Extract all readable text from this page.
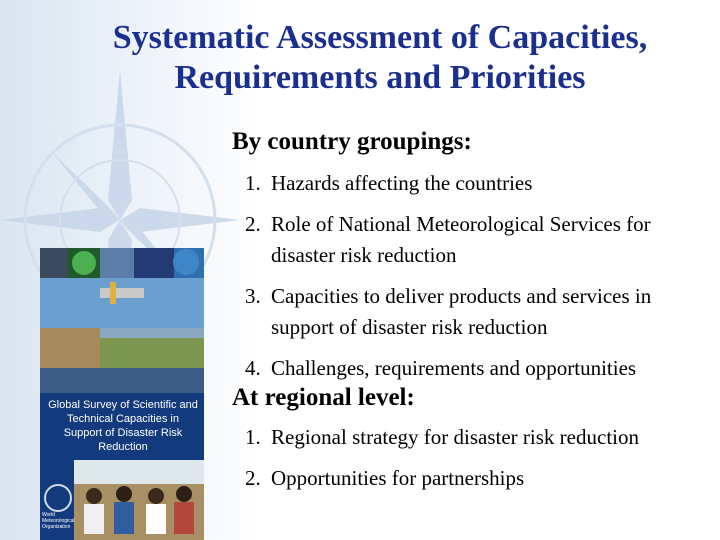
Systematic Assessment of Capacities,
Requirements and Priorities
By country groupings:
1. Hazards affecting the countries
2. Role of National Meteorological Services for disaster risk reduction
3. Capacities to deliver products and services in support of disaster risk reduction
4. Challenges, requirements and opportunities
At regional level:
1. Regional strategy for disaster risk reduction
2. Opportunities for partnerships
Global Survey of Scientific and Technical Capacities in Support of Disaster Risk Reduction
World Meteorological Organization
